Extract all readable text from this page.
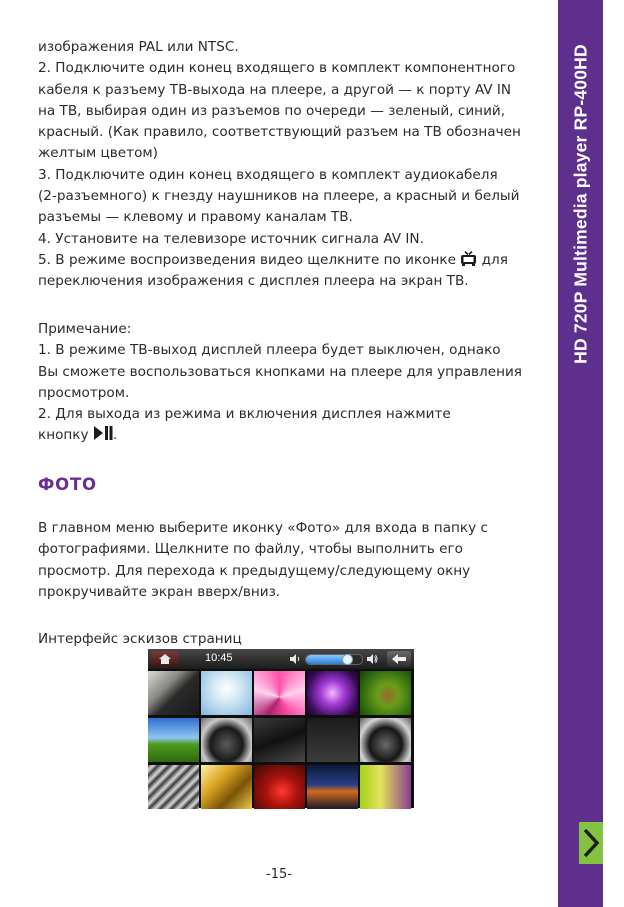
HD 720P Multimedia player RP-400HD

изображения PAL или NTSC.

2. Подключите один конец входящего в комплект компонентного

кабеля к разъему ТВ-выхода на плеере, а другой — к порту AV IN

на ТВ, выбирая один из разъемов по очереди — зеленый, синий,

красный. (Как правило, соответствующий разъем на ТВ обозначен

желтым цветом)

3. Подключите один конец входящего в комплект аудиокабеля

(2-разъемного) к гнезду наушников на плеере, а красный и белый

разъемы — клевому и правому каналам ТВ.

4. Установите на телевизоре источник сигнала AV IN.

5. В режиме воспроизведения видео щелкните по иконке  для

переключения изображения с дисплея плеера на экран ТВ.

Примечание:

1. В режиме ТВ-выход дисплей плеера будет выключен, однако

Вы сможете воспользоваться кнопками на плеере для управления

просмотром.

2. Для выхода из режима и включения дисплея нажмите

кнопку .

ФОТО

В главном меню выберите иконку «Фото» для входа в папку с

фотографиями. Щелкните по файлу, чтобы выполнить его

просмотр. Для перехода к предыдущему/следующему окну

прокручивайте экран вверх/вниз.

Интерфейс эскизов страниц

10:45
-15-
